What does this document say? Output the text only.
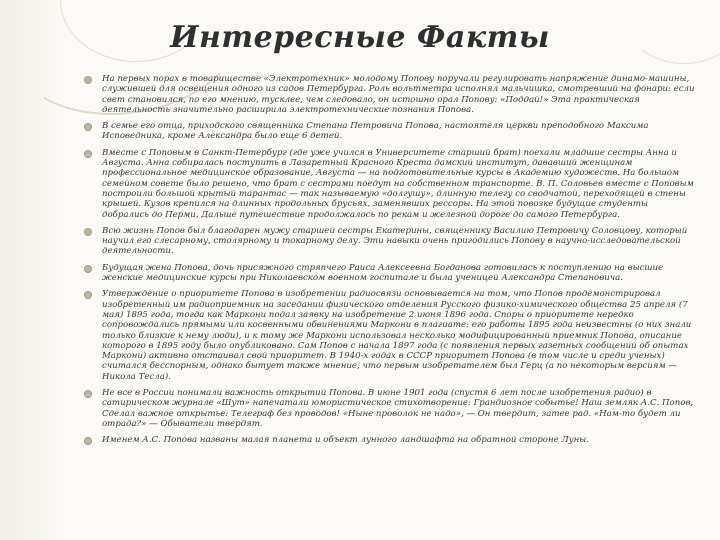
Интересные Факты
На первых порах в товариществе «Электротехник» молодому Попову поручали регулировать напряжение динамо-машины, служившей для освещения одного из садов Петербурга. Роль вольтметра исполнял мальчишка, смотревший на фонари: если свет становился, по его мнению, тусклее, чем следовало, он истошно орал Попову: «Поддай!» Эта практическая деятельность значительно расширила электротехнические познания Попова.
В семье его отца, приходского священника Степана Петровича Попова, настоятеля церкви преподобного Максима Исповедника, кроме Александра было еще 6 детей.
Вместе с Поповым в Санкт-Петербург (где уже учился в Университете старший брат) поехали младшие сестры Анна и Августа. Анна собиралась поступить в Лазаретный Красного Креста дамский институт, дававший женщинам профессиональное медицинское образование, Августа — на подготовительные курсы в Академию художеств. На большом семейном совете было решено, что брат с сестрами поедут на собственном транспорте. В. П. Соловьев вместе с Поповым построили большой крытый тарантас — так называемую «долгушу», длинную телегу со сводчатой, переходящей в стены крышей. Кузов крепился на длинных продольных брусьях, заменявших рессоры. На этой повозке будущие студенты добрались до Перми. Дальше путешествие продолжалось по рекам и железной дороге до самого Петербурга.
Всю жизнь Попов был благодарен мужу старшей сестры Екатерины, священнику Василию Петровичу Соловцову, который научил его слесарному, столярному и токарному делу. Эти навыки очень пригодились Попову в научно-исследовательской деятельности.
Будущая жена Попова, дочь присяжного стряпчего Раиса Алексеевна Богданова готовилась к поступлению на высшие женские медицинские курсы при Николаевском военном госпитале и была ученицей Александра Степановича.
Утверждение о приоритете Попова в изобретении радиосвязи основывается на том, что Попов продемонстрировал изобретенный им радиоприемник на заседании физического отделения Русского физико-химического общества 25 апреля (7 мая) 1895 года, тогда как Маркони подал заявку на изобретение 2 июня 1896 года. Споры о приоритете нередко сопровождались прямыми или косвенными обвинениями Маркони в плагиате: его работы 1895 года неизвестны (о них знали только близкие к нему люди), и к тому же Маркони использовал несколько модифицированный приемник Попова, описание которого в 1895 году было опубликовано. Сам Попов с начала 1897 года (с появления первых газетных сообщений об опытах Маркони) активно отстаивал свой приоритет. В 1940-х годах в СССР приоритет Попова (в том числе и среди ученых) считался бесспорным, однако бытует также мнение, что первым изобретателем был Герц (а по некоторым версиям — Никола Тесла).
Не все в России понимали важность открытий Попова. В июне 1901 года (спустя 6 лет после изобретения радио) в сатирическом журнале «Шут» напечатали юмористическое стихотворение: Грандиозное событье! Наш земляк А.С. Попов, Сделал важное открытье: Телеграф без проводов! «Ныне проволок не надо», — Он твердит, затее рад. «Нам-то будет ли отрада?» — Обыватели твердят.
Именем А.С. Попова названы малая планета и объект лунного ландшафта на обратной стороне Луны.
